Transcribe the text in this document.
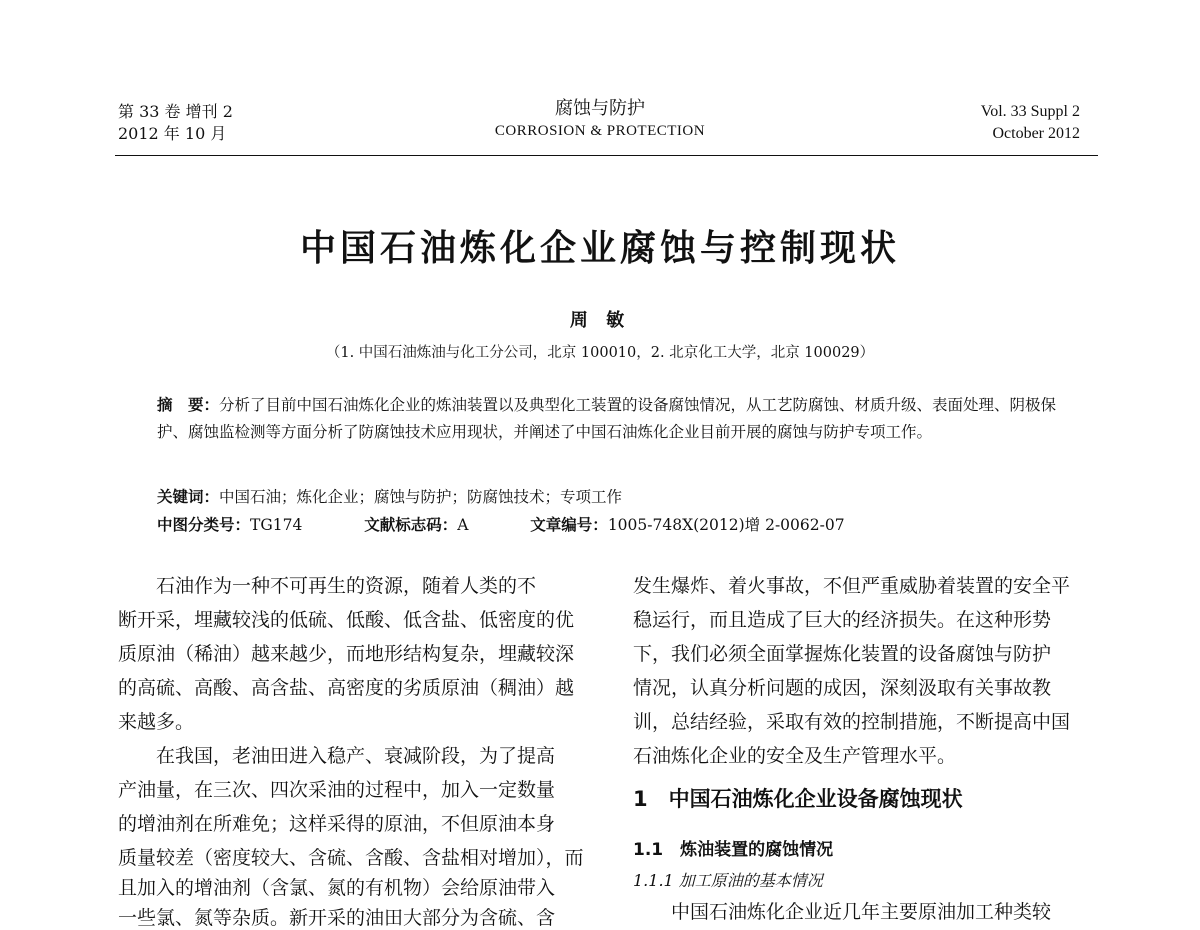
第 33 卷 增刊 2
2012 年 10 月
腐蚀与防护
CORROSION & PROTECTION
Vol. 33 Suppl 2
October 2012
中国石油炼化企业腐蚀与控制现状
周 敏
（1. 中国石油炼油与化工分公司，北京 100010，2. 北京化工大学，北京 100029）
摘　要：分析了目前中国石油炼化企业的炼油装置以及典型化工装置的设备腐蚀情况，从工艺防腐蚀、材质升级、表面处理、阴极保护、腐蚀监检测等方面分析了防腐蚀技术应用现状，并阐述了中国石油炼化企业目前开展的腐蚀与防护专项工作。
关键词：中国石油；炼化企业；腐蚀与防护；防腐蚀技术；专项工作
中图分类号：TG174	文献标志码：A	文章编号：1005-748X(2012)增 2-0062-07
　　石油作为一种不可再生的资源，随着人类的不
断开采，埋藏较浅的低硫、低酸、低含盐、低密度的优
质原油（稀油）越来越少，而地形结构复杂，埋藏较深
的高硫、高酸、高含盐、高密度的劣质原油（稠油）越
来越多。
　　在我国，老油田进入稳产、衰减阶段，为了提高
产油量，在三次、四次采油的过程中，加入一定数量
的增油剂在所难免；这样采得的原油，不但原油本身
质量较差（密度较大、含硫、含酸、含盐相对增加），而
且加入的增油剂（含氯、氮的有机物）会给原油带入
一些氯、氮等杂质。新开采的油田大部分为含硫、含
发生爆炸、着火事故，不但严重威胁着装置的安全平
稳运行，而且造成了巨大的经济损失。在这种形势
下，我们必须全面掌握炼化装置的设备腐蚀与防护
情况，认真分析问题的成因，深刻汲取有关事故教
训，总结经验，采取有效的控制措施，不断提高中国
石油炼化企业的安全及生产管理水平。
1　中国石油炼化企业设备腐蚀现状
1.1　炼油装置的腐蚀情况
1.1.1 加工原油的基本情况
　　中国石油炼化企业近几年主要原油加工种类较
